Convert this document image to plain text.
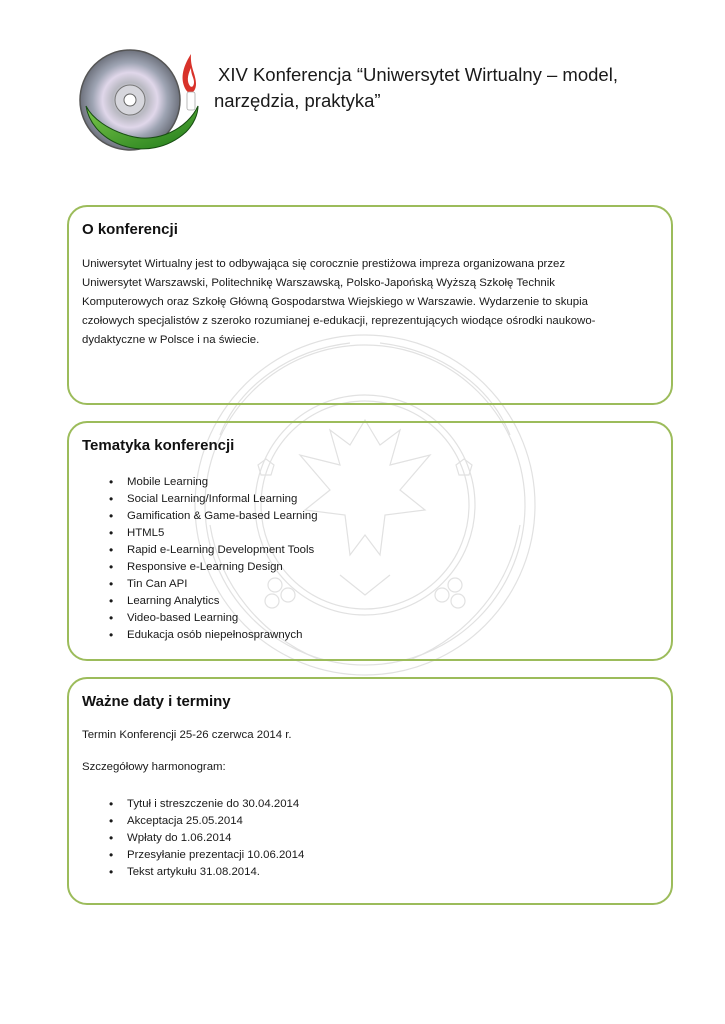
XIV Konferencja “Uniwersytet Wirtualny – model,
narzędzia, praktyka”
O konferencji
Uniwersytet Wirtualny jest to odbywająca się corocznie prestiżowa impreza organizowana przez
Uniwersytet Warszawski, Politechnikę Warszawską, Polsko-Japońską Wyższą Szkołę Technik
Komputerowych oraz Szkołę Główną Gospodarstwa Wiejskiego w Warszawie. Wydarzenie to skupia
czołowych specjalistów z szeroko rozumianej e-edukacji, reprezentujących wiodące ośrodki naukowo-
dydaktyczne w Polsce i na świecie.
Tematyka konferencji
• Mobile Learning
• Social Learning/Informal Learning
• Gamification & Game-based Learning
• HTML5
• Rapid e-Learning Development Tools
• Responsive e-Learning Design
• Tin Can API
• Learning Analytics
• Video-based Learning
• Edukacja osób niepełnosprawnych
Ważne daty i terminy
Termin Konferencji 25-26 czerwca 2014 r.
Szczegółowy harmonogram:
• Tytuł i streszczenie do 30.04.2014
• Akceptacja 25.05.2014
• Wpłaty do 1.06.2014
• Przesyłanie prezentacji 10.06.2014
• Tekst artykułu 31.08.2014.
